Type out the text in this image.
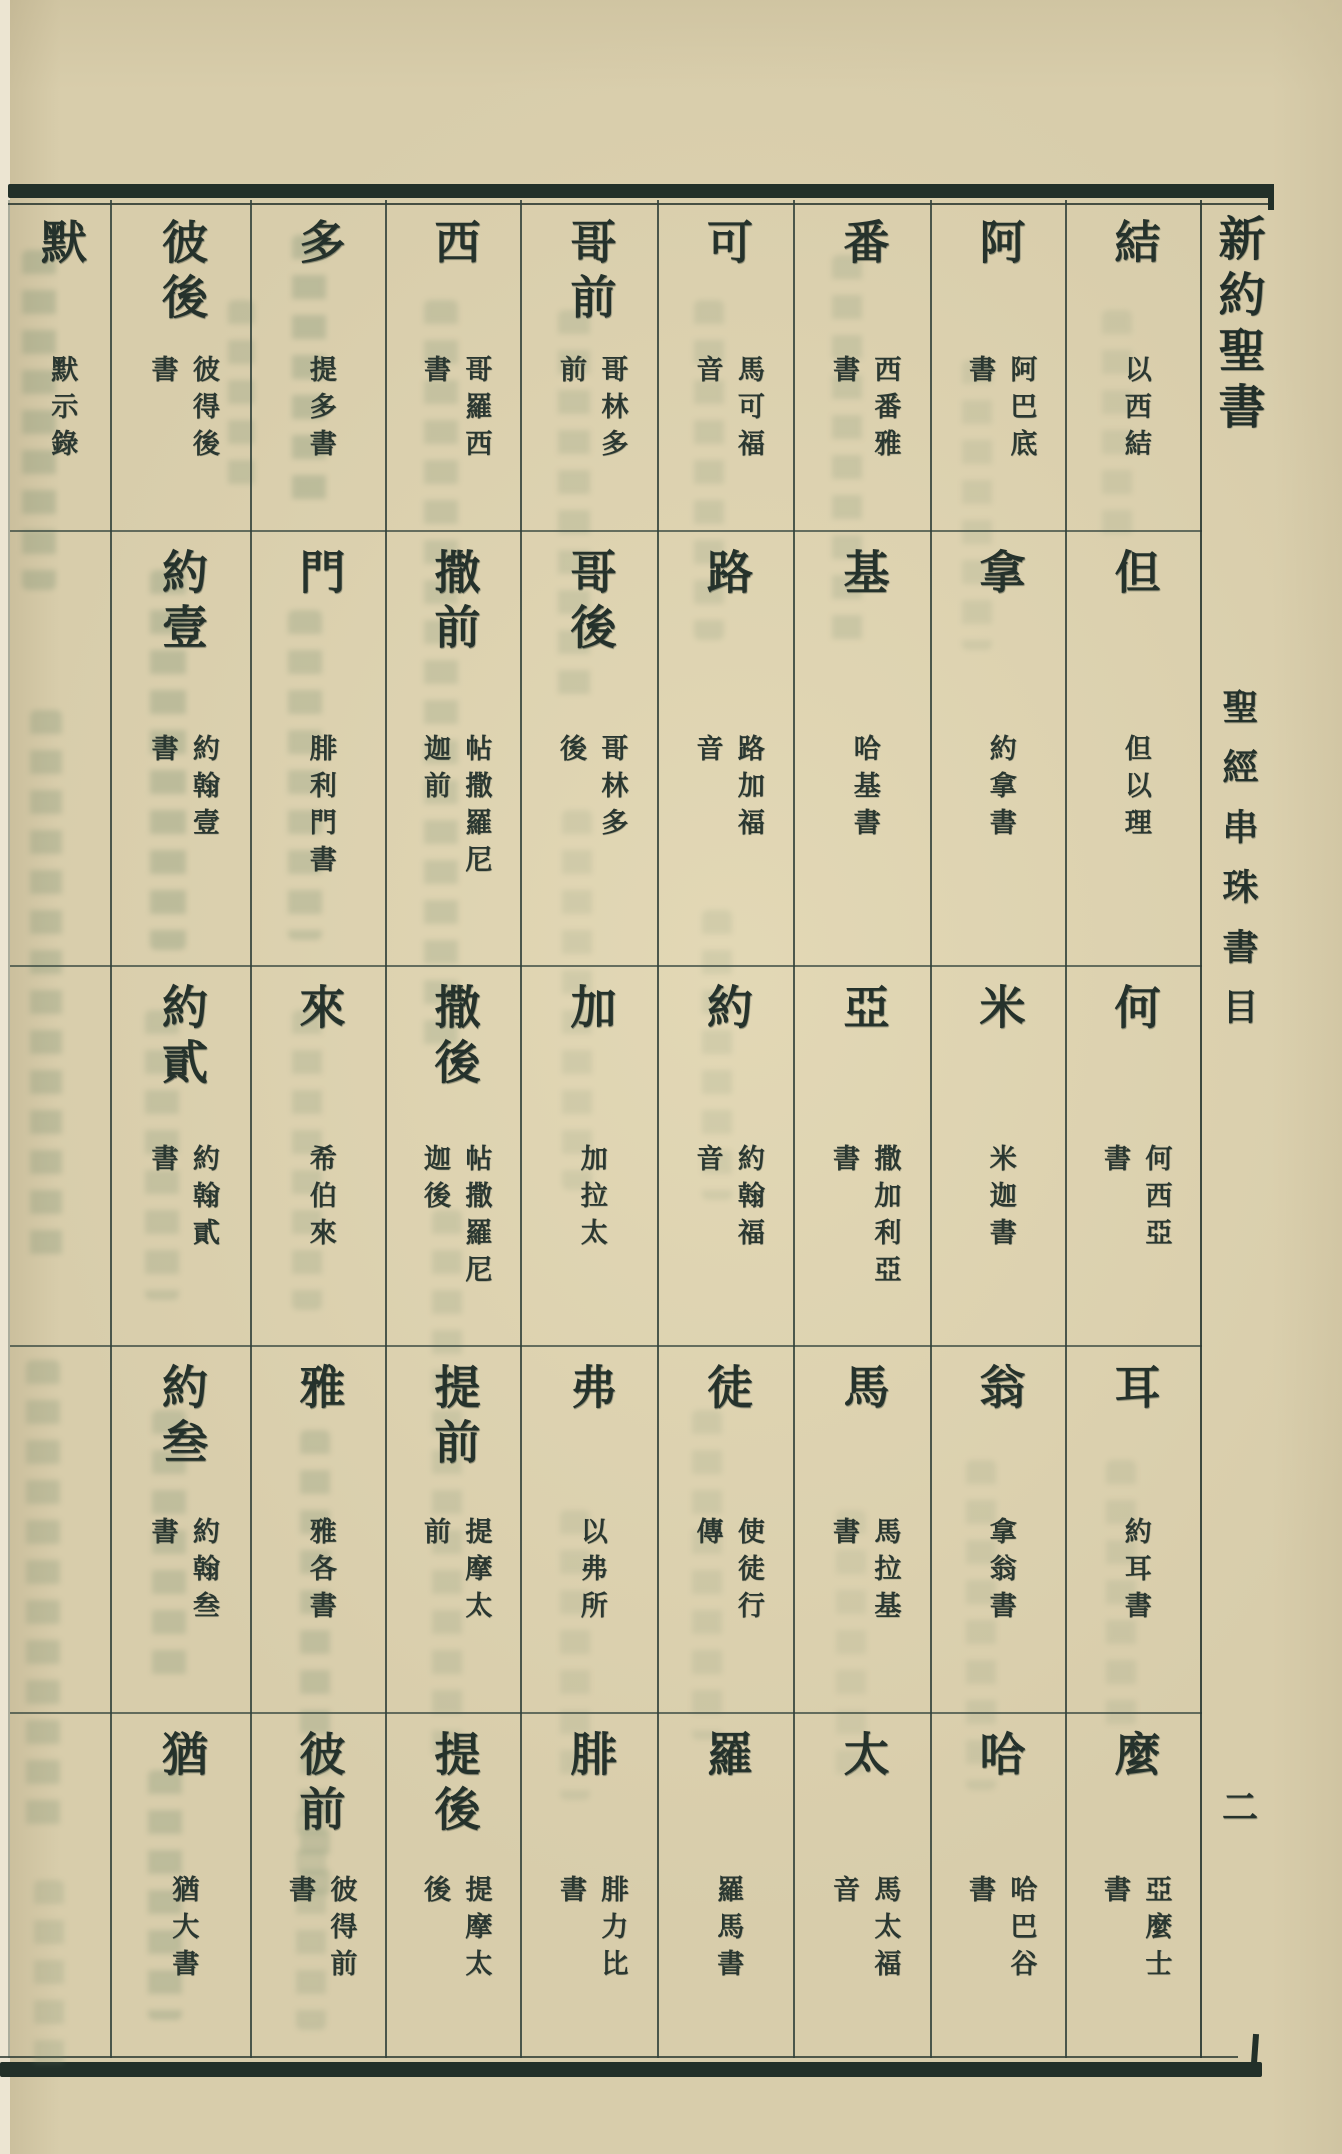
結
以西結
但
但以理
何
何西亞
書
耳
約耳書
麼
亞麼士
書
阿
阿巴底
書
拿
約拿書
米
米迦書
翁
拿翁書
哈
哈巴谷
書
番
西番雅
書
基
哈基書
亞
撒加利亞
書
馬
馬拉基
書
太
馬太福
音
可
馬可福
音
路
路加福
音
約
約翰福
音
徒
使徒行
傳
羅
羅馬書
哥前
哥林多
前
哥後
哥林多
後
加
加拉太
弗
以弗所
腓
腓力比
書
西
哥羅西
書
撒前
帖撒羅尼
迦前
撒後
帖撒羅尼
迦後
提前
提摩太
前
提後
提摩太
後
多
提多書
門
腓利門書
來
希伯來
雅
雅各書
彼前
彼得前
書
彼後
彼得後
書
約壹
約翰壹
書
約貳
約翰貳
書
約叁
約翰叁
書
猶
猶大書
默
默示錄	新約聖書
聖經串珠書目
二
